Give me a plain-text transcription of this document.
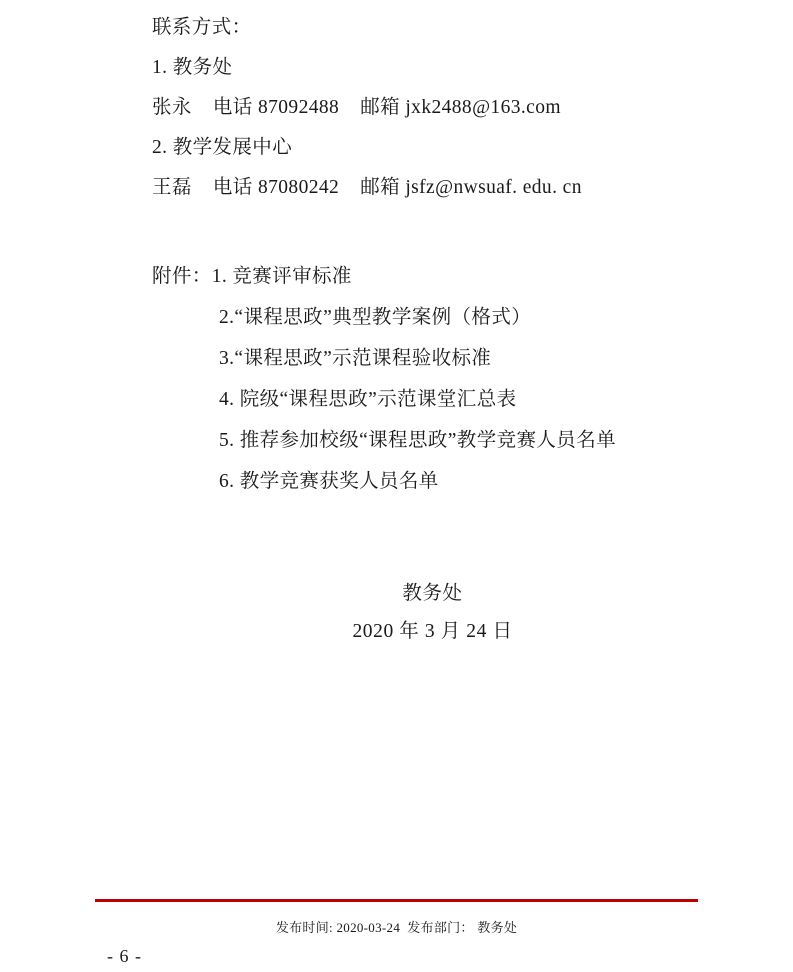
联系方式：
1. 教务处
张永    电话 87092488    邮箱 jxk2488@163.com
2. 教学发展中心
王磊    电话 87080242    邮箱 jsfz@nwsuaf. edu. cn
附件：1. 竞赛评审标准
2.“课程思政”典型教学案例（格式）
3.“课程思政”示范课程验收标准
4. 院级“课程思政”示范课堂汇总表
5. 推荐参加校级“课程思政”教学竞赛人员名单
6. 教学竞赛获奖人员名单
教务处
2020 年 3 月 24 日
发布时间: 2020-03-24  发布部门： 教务处
- 6 -
